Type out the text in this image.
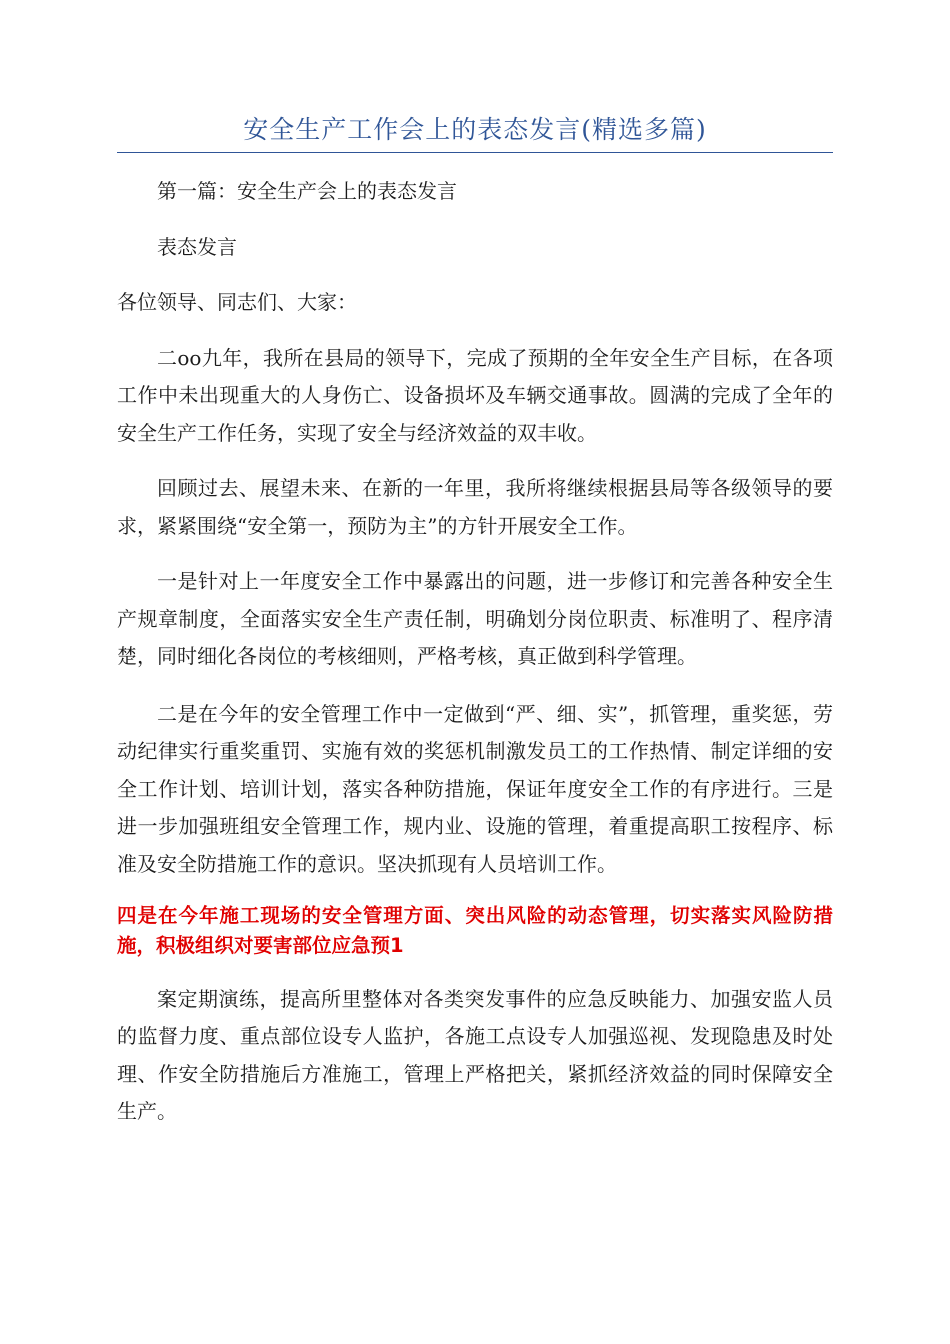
安全生产工作会上的表态发言(精选多篇)

第一篇：安全生产会上的表态发言

表态发言

各位领导、同志们、大家：

二oo九年，我所在县局的领导下，完成了预期的全年安全生产目标，在各项工作中未出现重大的人身伤亡、设备损坏及车辆交通事故。圆满的完成了全年的安全生产工作任务，实现了安全与经济效益的双丰收。

回顾过去、展望未来、在新的一年里，我所将继续根据县局等各级领导的要求，紧紧围绕“安全第一，预防为主”的方针开展安全工作。

一是针对上一年度安全工作中暴露出的问题，进一步修订和完善各种安全生产规章制度，全面落实安全生产责任制，明确划分岗位职责、标准明了、程序清楚，同时细化各岗位的考核细则，严格考核，真正做到科学管理。

二是在今年的安全管理工作中一定做到“严、细、实”，抓管理，重奖惩，劳动纪律实行重奖重罚、实施有效的奖惩机制激发员工的工作热情、制定详细的安全工作计划、培训计划，落实各种防措施，保证年度安全工作的有序进行。三是进一步加强班组安全管理工作，规内业、设施的管理，着重提高职工按程序、标准及安全防措施工作的意识。坚决抓现有人员培训工作。

四是在今年施工现场的安全管理方面、突出风险的动态管理，切实落实风险防措施，积极组织对要害部位应急预1

案定期演练，提高所里整体对各类突发事件的应急反映能力、加强安监人员的监督力度、重点部位设专人监护，各施工点设专人加强巡视、发现隐患及时处理、作安全防措施后方准施工，管理上严格把关，紧抓经济效益的同时保障安全生产。
